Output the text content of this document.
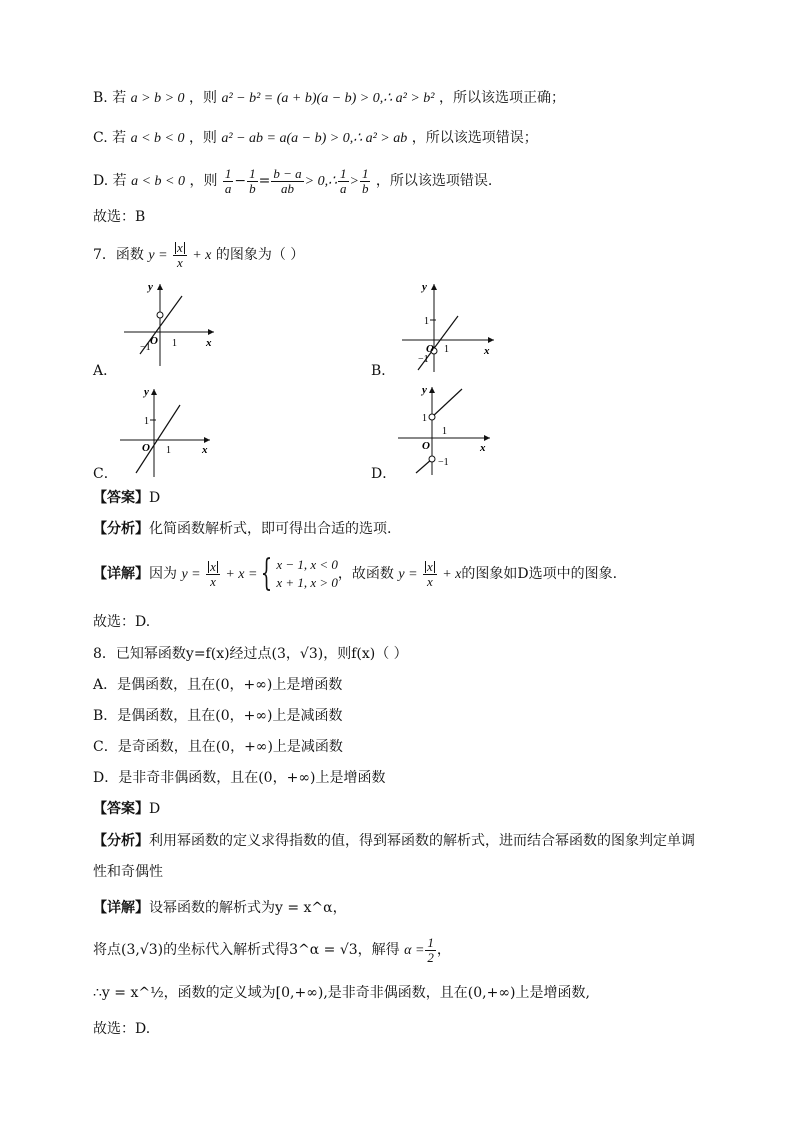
B. 若 a > b > 0 ，则 a² − b² = (a + b)(a − b) > 0,∴ a² > b² ，所以该选项正确；
C. 若 a < b < 0 ，则 a² − ab = a(a − b) > 0,∴ a² > ab ，所以该选项错误；
D. 若 a < b < 0 ，则 $\frac{1}{a} - \frac{1}{b} = \frac{b - a}{ab}$ > 0,∴ $\frac{1}{a} > \frac{1}{b}$ ，所以该选项错误.
故选：B
7．函数 $y = \frac{x}{x} + x$ 的图象为（ ）
A．
y
x
O 1
−1
B．
y
x
1
O 1
−1
C．
y
x
1
O 1
D．
y
x
1
O
1
−1
【答案】D
【分析】化简函数解析式，即可得出合适的选项.
【详解】因为 $y = \frac{x}{x} + x$ = { x − 1, x < 0
x + 1, x > 0
，故函数 $y = \frac{x}{x} + x$的图象如D选项中的图象.
故选：D.
8．已知幂函数y=f(x)经过点(3，√3)，则f(x)（ ）
A．是偶函数，且在(0，+∞)上是增函数
B．是偶函数，且在(0，+∞)上是减函数
C．是奇函数，且在(0，+∞)上是减函数
D．是非奇非偶函数，且在(0，+∞)上是增函数
【答案】D
【分析】利用幂函数的定义求得指数的值，得到幂函数的解析式，进而结合幂函数的图象判定单调
性和奇偶性
【详解】设幂函数的解析式为y = x^α，
将点(3,√3)的坐标代入解析式得3^α = √3，解得 $\alpha = \frac{1}{2}$ ，
∴y = x^½，函数的定义域为[0,+∞),是非奇非偶函数，且在(0,+∞)上是增函数,
故选：D.
